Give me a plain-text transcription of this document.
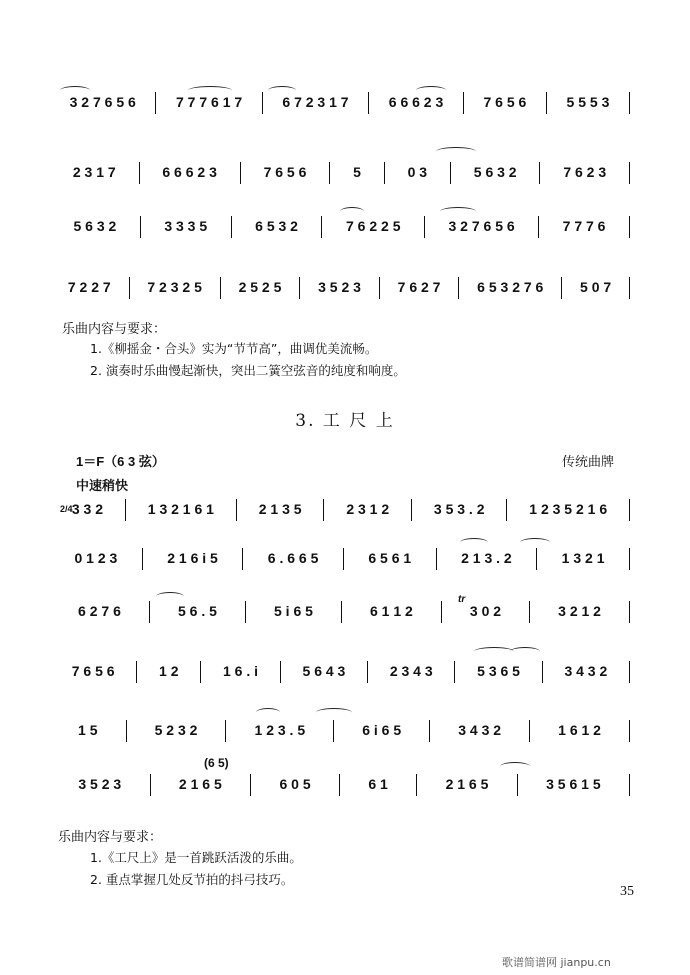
3 2 7 6 5 6	7 7 7 6 1 7	6 7 2 3 1 7	6 6 6 2 3	7 6 5 6	5 5 5 3
2 3 1 7	6 6 6 2 3	7 6 5 6	5	0 3	5 6 3 2	7 6 2 3
5 6 3 2	3 3 3 5	6 5 3 2	7 6 2 2 5	3 2 7 6 5 6	7 7 7 6
7 2 2 7	7 2 3 2 5	2 5 2 5	3 5 2 3	7 6 2 7	6 5 3 2 7 6	5 0 7
乐曲内容与要求：
1.《柳摇金・合头》实为“节节高”，曲调优美流畅。
2. 演奏时乐曲慢起渐快，突出二簧空弦音的纯度和响度。
3. 工 尺 上
1＝F（6 3 弦）	传统曲牌
中速稍快
2/4 3 3 2	1 3 2 1 6 1	2 1 3 5	2 3 1 2	3 5 3 . 2	1 2 3 5 2 1 6
0 1 2 3	2 1 6 i 5	6 . 6 6 5	6 5 6 1	2 1 3 . 2	1 3 2 1
6 2 7 6	5 6 . 5	5 i 6 5	6 1 1 2	3 0 2	3 2 1 2
7 6 5 6	1 2	1 6 . i	5 6 4 3	2 3 4 3	5 3 6 5	3 4 3 2
1 5	5 2 3 2	1 2 3 . 5	6 i 6 5	3 4 3 2	1 6 1 2
3 5 2 3	2 1 6 5	6 0 5	6 1	2 1 6 5	3 5 6 1 5
(6 5)
tr
乐曲内容与要求：
1.《工尺上》是一首跳跃活泼的乐曲。
2. 重点掌握几处反节拍的抖弓技巧。
35
歌谱简谱网 jianpu.cn
